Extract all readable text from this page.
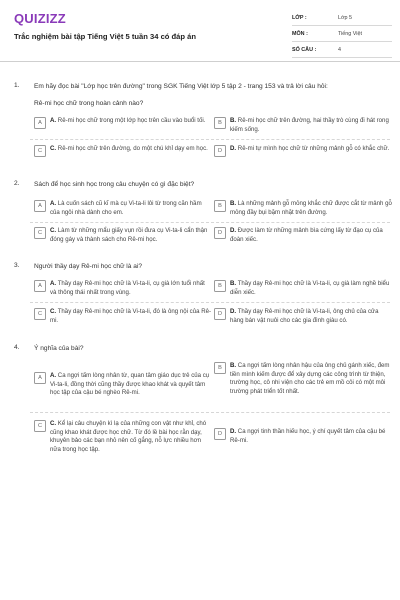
QUIZIZZ
Trắc nghiệm bài tập Tiếng Việt 5 tuần 34 có đáp án
LỚP :	Lớp 5
MÔN :	Tiếng Việt
SỐ CÂU :	4
1. Em hãy đọc bài "Lớp học trên đường" trong SGK Tiếng Việt lớp 5 tập 2 - trang 153 và trả lời câu hỏi:
Rê-mi học chữ trong hoàn cảnh nào?
A	A. Rê-mi học chữ trong một lớp học trên cầu vào buổi tối.	B	B. Rê-mi học chữ trên đường, hai thầy trò cùng đi hát rong kiếm sống.
C	C. Rê-mi học chữ trên đường, do một chú khỉ dạy em học.	D	D. Rê-mi tự mình học chữ từ những mảnh gỗ có khắc chữ.
2. Sách để học sinh học trong câu chuyện có gì đặc biệt?
A	A. Là cuốn sách cũ kĩ mà cụ Vi-ta-li lôi từ trong căn hầm của ngôi nhà dành cho em.
B	B. Là những mảnh gỗ mỏng khắc chữ được cắt từ mảnh gỗ mỏng đầy bụi bặm nhặt trên đường.
C	C. Làm từ những mẩu giấy vụn rồi đưa cụ Vi-ta-li cẩn thận đóng gáy và thành sách cho Rê-mi học.
D	D. Được làm từ những mảnh bìa cứng lấy từ đạo cụ của đoàn xiếc.
3. Người thầy dạy Rê-mi học chữ là ai?
A	A. Thầy dạy Rê-mi học chữ là Vi-ta-li, cụ già lớn tuổi nhất và thông thái nhất trong vùng.
B	B. Thầy dạy Rê-mi học chữ là Vi-ta-li, cụ già làm nghề biểu diễn xiếc.
C	C. Thầy dạy Rê-mi học chữ là Vi-ta-li, đó là ông nội của Rê-mi.
D	D. Thầy dạy Rê-mi học chữ là Vi-ta-li, ông chủ của cửa hàng bán vật nuôi cho các gia đình giàu có.
4. Ý nghĩa của bài?
A	A. Ca ngợi tấm lòng nhân từ, quan tâm giáo dục trẻ của cụ Vi-ta-li, đồng thời cũng thầy được khao khát và quyết tâm học tập của cậu bé nghèo Rê-mi.
B	B. Ca ngợi tấm lòng nhân hậu của ông chủ gánh xiếc, đem tiền mình kiếm được để xây dựng các công trình từ thiện, trường học, cô nhi viện cho các trẻ em mồ côi có một môi trường phát triển tốt nhất.
C	C. Kể lại câu chuyện kì lạ của những con vật như khỉ, chó cũng khao khát được học chữ. Từ đó lề bài học rằn dạy, khuyên bảo các bạn nhỏ nên cố gắng, nỗ lực nhiều hơn nữa trong học tập.
D	D. Ca ngợi tinh thần hiếu học, ý chí quyết tâm của cậu bé Rê-mi.
